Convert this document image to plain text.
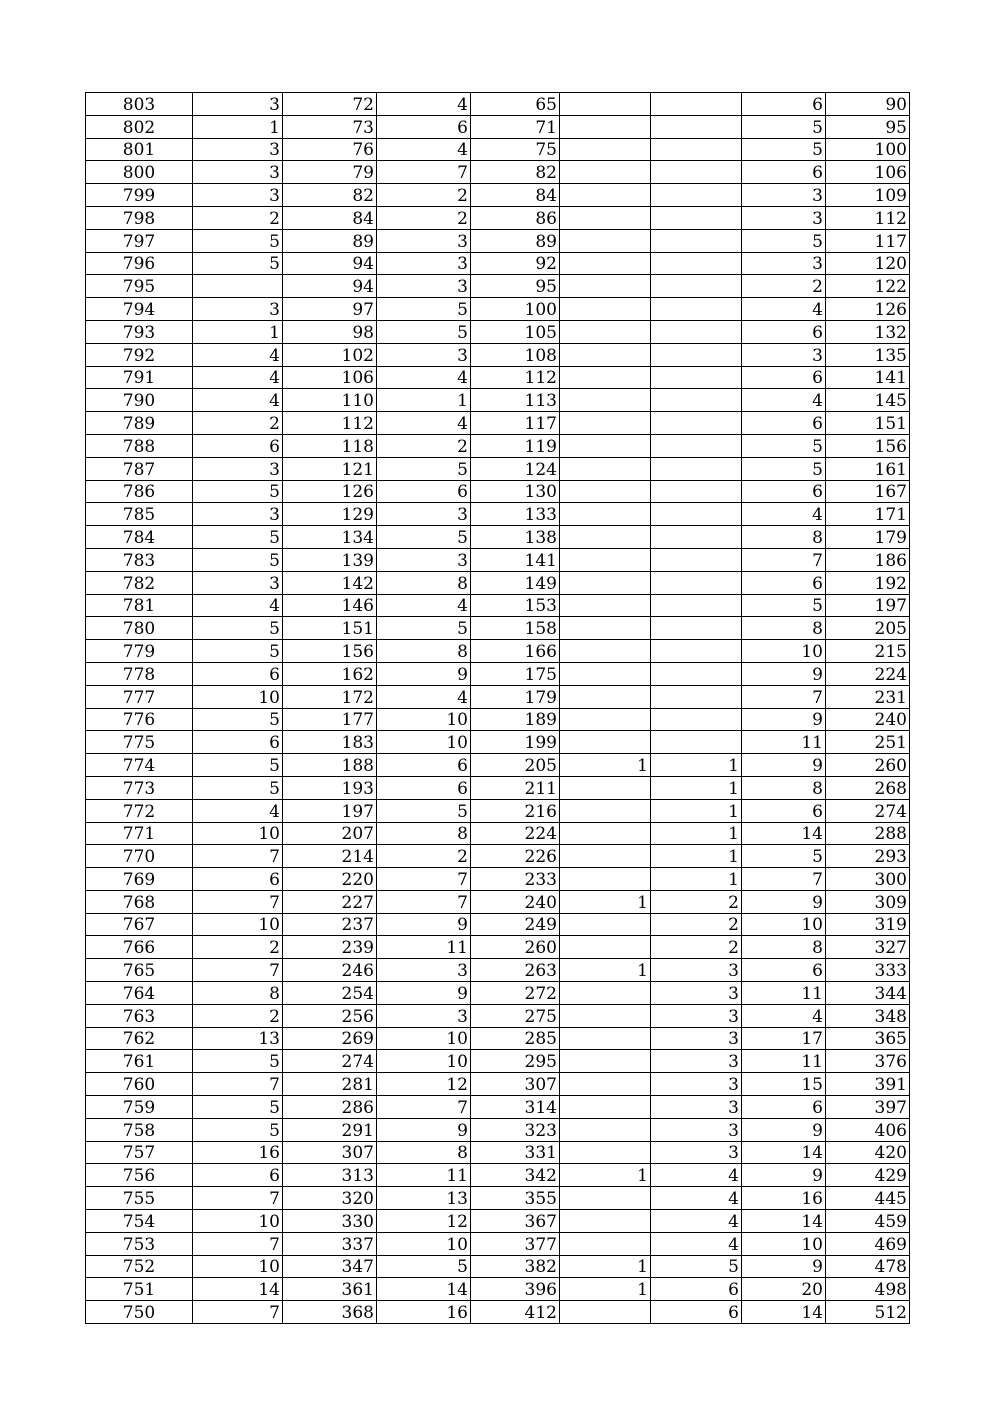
803	3	72	4	65			6	90
802	1	73	6	71			5	95
801	3	76	4	75			5	100
800	3	79	7	82			6	106
799	3	82	2	84			3	109
798	2	84	2	86			3	112
797	5	89	3	89			5	117
796	5	94	3	92			3	120
795		94	3	95			2	122
794	3	97	5	100			4	126
793	1	98	5	105			6	132
792	4	102	3	108			3	135
791	4	106	4	112			6	141
790	4	110	1	113			4	145
789	2	112	4	117			6	151
788	6	118	2	119			5	156
787	3	121	5	124			5	161
786	5	126	6	130			6	167
785	3	129	3	133			4	171
784	5	134	5	138			8	179
783	5	139	3	141			7	186
782	3	142	8	149			6	192
781	4	146	4	153			5	197
780	5	151	5	158			8	205
779	5	156	8	166			10	215
778	6	162	9	175			9	224
777	10	172	4	179			7	231
776	5	177	10	189			9	240
775	6	183	10	199			11	251
774	5	188	6	205	1	1	9	260
773	5	193	6	211		1	8	268
772	4	197	5	216		1	6	274
771	10	207	8	224		1	14	288
770	7	214	2	226		1	5	293
769	6	220	7	233		1	7	300
768	7	227	7	240	1	2	9	309
767	10	237	9	249		2	10	319
766	2	239	11	260		2	8	327
765	7	246	3	263	1	3	6	333
764	8	254	9	272		3	11	344
763	2	256	3	275		3	4	348
762	13	269	10	285		3	17	365
761	5	274	10	295		3	11	376
760	7	281	12	307		3	15	391
759	5	286	7	314		3	6	397
758	5	291	9	323		3	9	406
757	16	307	8	331		3	14	420
756	6	313	11	342	1	4	9	429
755	7	320	13	355		4	16	445
754	10	330	12	367		4	14	459
753	7	337	10	377		4	10	469
752	10	347	5	382	1	5	9	478
751	14	361	14	396	1	6	20	498
750	7	368	16	412		6	14	512
